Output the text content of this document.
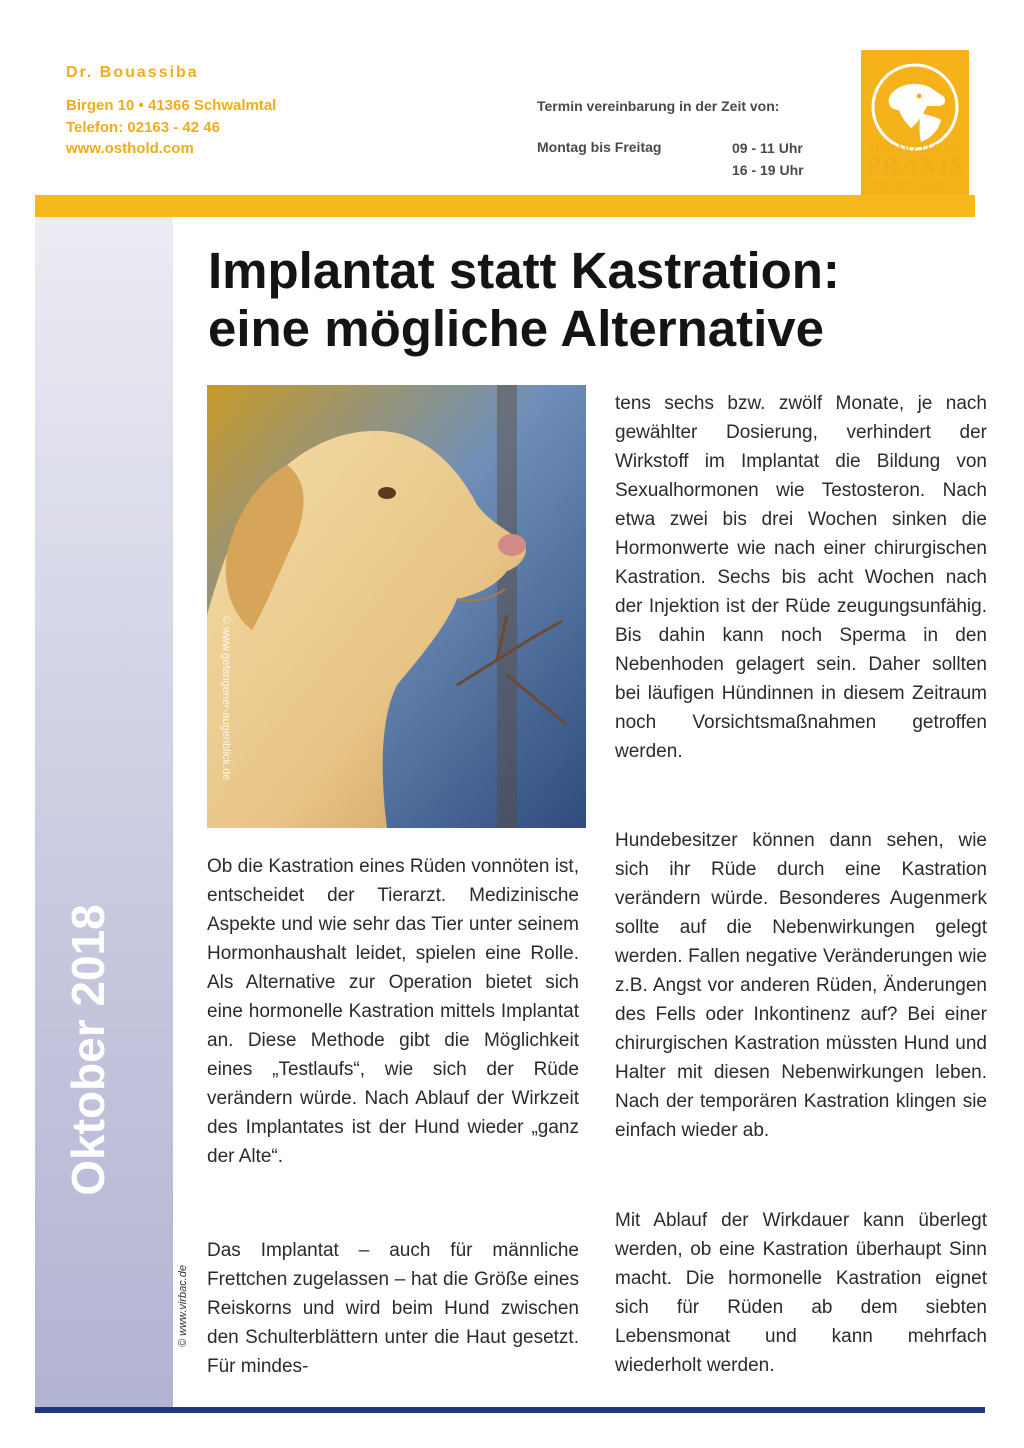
Dr. Bouassiba
Birgen 10 • 41366 Schwalmtal
Telefon: 02163 - 42 46
www.osthold.com
Termin vereinbarung in der Zeit von:
Montag bis Freitag	09 - 11 Uhr
16 - 19 Uhr
TIERÄRZTLICHE
PRAXIS
DR. BOUASSIBA
Oktober 2018
© www.virbac.de
Implantat statt Kastration:
eine mögliche Alternative
© www.gefangener-augenblick.de

Ob die Kastration eines Rüden vonnöten ist, entscheidet der Tierarzt. Medizinische Aspekte und wie sehr das Tier unter seinem Hormonhaushalt leidet, spielen eine Rolle. Als Alternative zur Operation bietet sich eine hormonelle Kastration mittels Implantat an. Diese Methode gibt die Möglichkeit eines „Testlaufs“, wie sich der Rüde verändern würde. Nach Ablauf der Wirkzeit des Implantates ist der Hund wieder „ganz der Alte“.

Das Implantat – auch für männliche Frettchen zugelassen – hat die Größe eines Reiskorns und wird beim Hund zwischen den Schulterblättern unter die Haut gesetzt. Für mindes-

tens sechs bzw. zwölf Monate, je nach gewählter Dosierung, verhindert der Wirkstoff im Implantat die Bildung von Sexualhormonen wie Testosteron. Nach etwa zwei bis drei Wochen sinken die Hormonwerte wie nach einer chirurgischen Kastration. Sechs bis acht Wochen nach der Injektion ist der Rüde zeugungsunfähig. Bis dahin kann noch Sperma in den Nebenhoden gelagert sein. Daher sollten bei läufigen Hündinnen in diesem Zeitraum noch Vorsichtsmaßnahmen getroffen werden.

Hundebesitzer können dann sehen, wie sich ihr Rüde durch eine Kastration verändern würde. Besonderes Augenmerk sollte auf die Nebenwirkungen gelegt werden. Fallen negative Veränderungen wie z.B. Angst vor anderen Rüden, Änderungen des Fells oder Inkontinenz auf? Bei einer chirurgischen Kastration müssten Hund und Halter mit diesen Nebenwirkungen leben. Nach der temporären Kastration klingen sie einfach wieder ab.

Mit Ablauf der Wirkdauer kann überlegt werden, ob eine Kastration überhaupt Sinn macht. Die hormonelle Kastration eignet sich für Rüden ab dem siebten Lebensmonat und kann mehrfach wiederholt werden.
